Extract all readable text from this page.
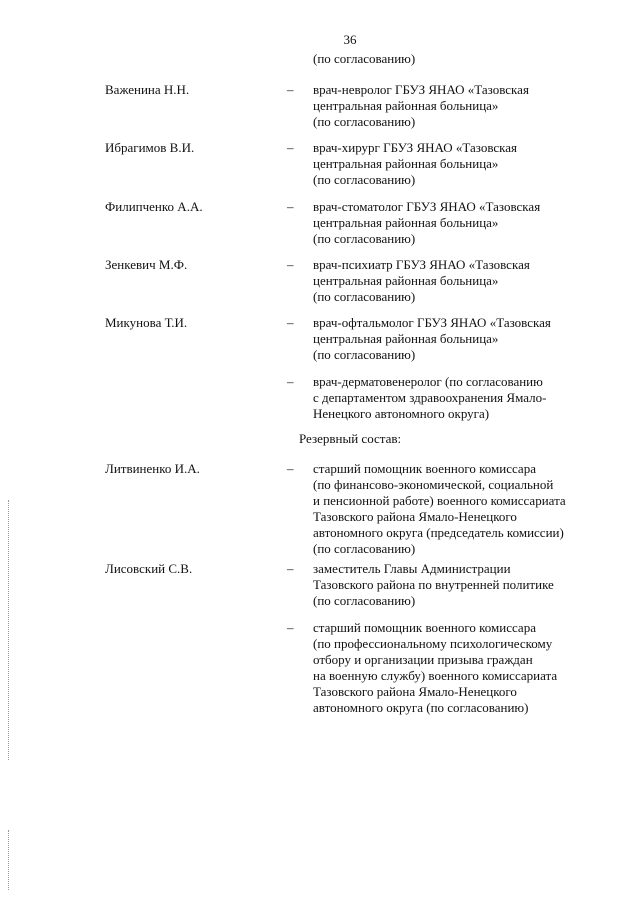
36
(по согласованию)
Важенина Н.Н.	– врач-невролог ГБУЗ ЯНАО «Тазовская
центральная районная больница»
(по согласованию)
Ибрагимов В.И.	– врач-хирург ГБУЗ ЯНАО «Тазовская
центральная районная больница»
(по согласованию)
Филипченко А.А.	– врач-стоматолог ГБУЗ ЯНАО «Тазовская
центральная районная больница»
(по согласованию)
Зенкевич М.Ф.	– врач-психиатр ГБУЗ ЯНАО «Тазовская
центральная районная больница»
(по согласованию)
Микунова Т.И.	– врач-офтальмолог ГБУЗ ЯНАО «Тазовская
центральная районная больница»
(по согласованию)
– врач-дерматовенеролог (по согласованию
с департаментом здравоохранения Ямало-
Ненецкого автономного округа)
Резервный состав:
Литвиненко И.А.	– старший помощник военного комиссара
(по финансово-экономической, социальной
и пенсионной работе) военного комиссариата
Тазовского района Ямало-Ненецкого
автономного округа (председатель комиссии)
(по согласованию)
Лисовский С.В.	– заместитель Главы Администрации
Тазовского района по внутренней политике
(по согласованию)
– старший помощник военного комиссара
(по профессиональному психологическому
отбору и организации призыва граждан
на военную службу) военного комиссариата
Тазовского района Ямало-Ненецкого
автономного округа (по согласованию)
